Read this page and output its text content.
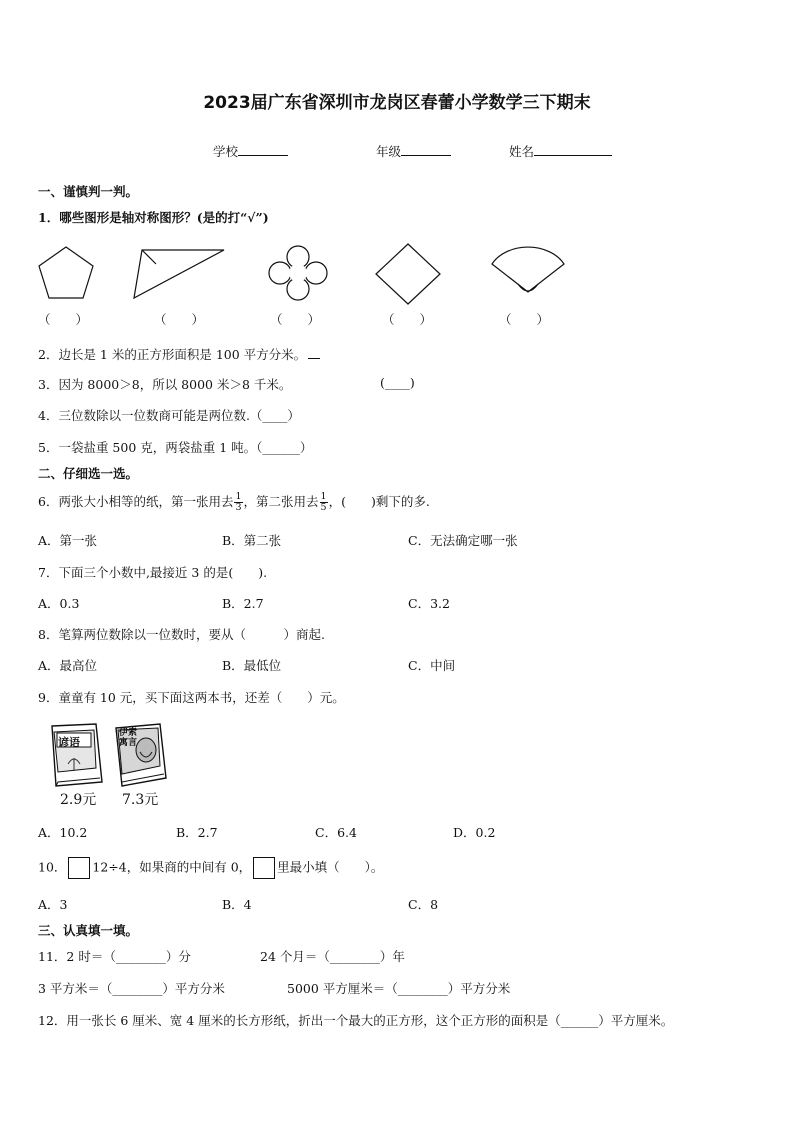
2023届广东省深圳市龙岗区春蕾小学数学三下期末
学校	年级	姓名
一、谨慎判一判。
1．哪些图形是轴对称图形？(是的打“√”)
（　　）	（　　）	（　　）	（　　）	（　　）
2．边长是 1 米的正方形面积是 100 平方分米。
3．因为 8000＞8，所以 8000 米＞8 千米。	(____)
4．三位数除以一位数商可能是两位数.（____）
5．一袋盐重 500 克，两袋盐重 1 吨。（______）
二、仔细选一选。
6．两张大小相等的纸，第一张用去 $\frac{1}{3}$ ，第二张用去 $\frac{1}{5}$ ，(　　)剩下的多.
A．第一张	B．第二张	C．无法确定哪一张
7．下面三个小数中,最接近 3 的是(　　).
A．0.3	B．2.7	C．3.2
8．笔算两位数除以一位数时，要从（　　　）商起.
A．最高位	B．最低位	C．中间
9．童童有 10 元，买下面这两本书，还差（　　）元。
谚语
2.9元
伊索寓言
7.3元
A．10.2	B．2.7	C．6.4	D．0.2
10． 12÷4，如果商的中间有 0， 里最小填（　　）。
A．3	B．4	C．8
三、认真填一填。
11．2 时＝（________）分	24 个月＝（________）年
3 平方米＝（________）平方分米	5000 平方厘米＝（________）平方分米
12．用一张长 6 厘米、宽 4 厘米的长方形纸，折出一个最大的正方形，这个正方形的面积是（______）平方厘米。
